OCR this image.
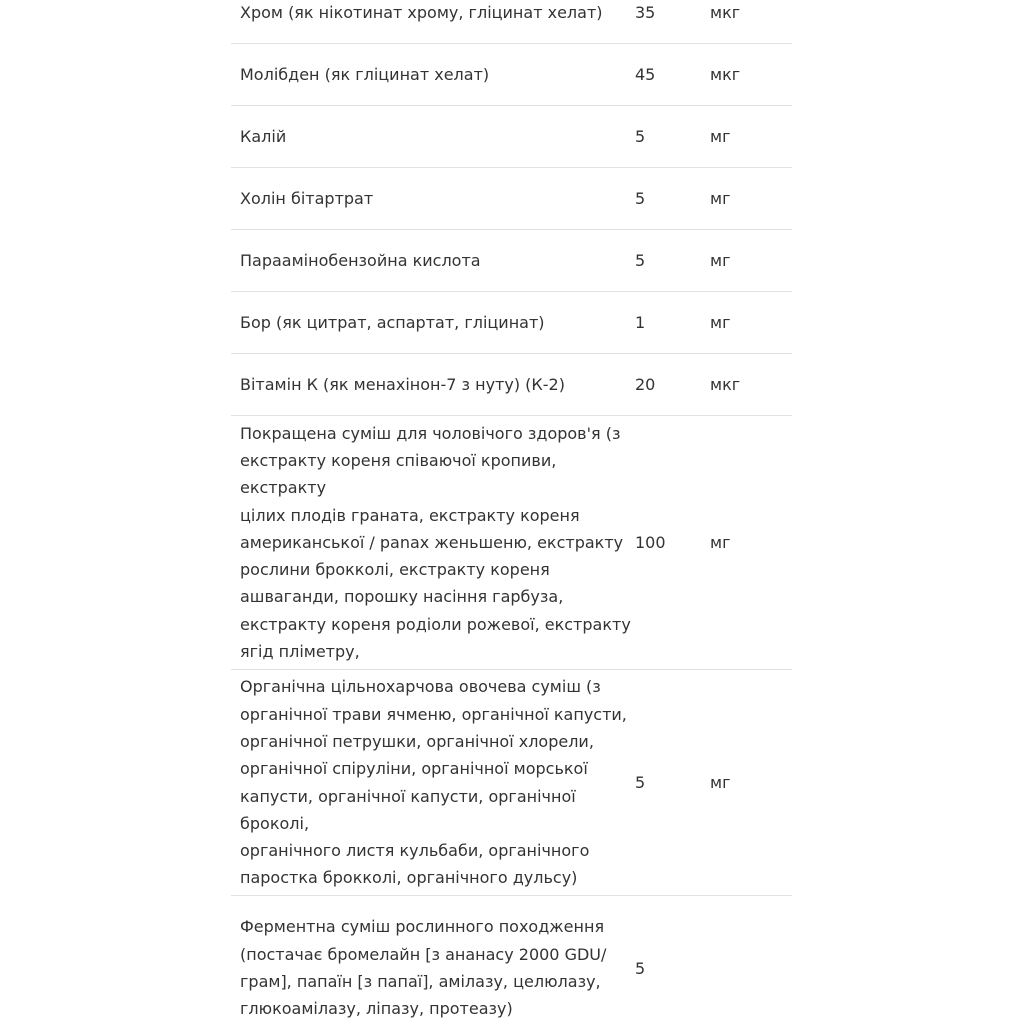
Хром (як нікотинат хрому, гліцинат хелат)	35	мкг
Молібден (як гліцинат хелат)	45	мкг
Калій	5	мг
Холін бітартрат	5	мг
Параамінобензойна кислота	5	мг
Бор (як цитрат, аспартат, гліцинат)	1	мг
Вітамін К (як менахінон-7 з нуту) (К-2)	20	мкг
Покращена суміш для чоловічого здоров'я (з
екстракту кореня співаючої кропиви, екстракту
цілих плодів граната, екстракту кореня
американської / panax женьшеню, екстракту
рослини брокколі, екстракту кореня
ашваганди, порошку насіння гарбуза,
екстракту кореня родіоли рожевої, екстракту
ягід пліметру,
100	мг
Органічна цільнохарчова овочева суміш (з
органічної трави ячменю, органічної капусти,
органічної петрушки, органічної хлорели,
органічної спіруліни, органічної морської
капусти, органічної капусти, органічної броколі,
органічного листя кульбаби, органічного
паростка брокколі, органічного дульсу)
5	мг
Ферментна суміш рослинного походження
(постачає бромелайн [з ананасу 2000 GDU/
грам], папаїн [з папаї], амілазу, целюлазу,
глюкоамілазу, ліпазу, протеазу)
5
